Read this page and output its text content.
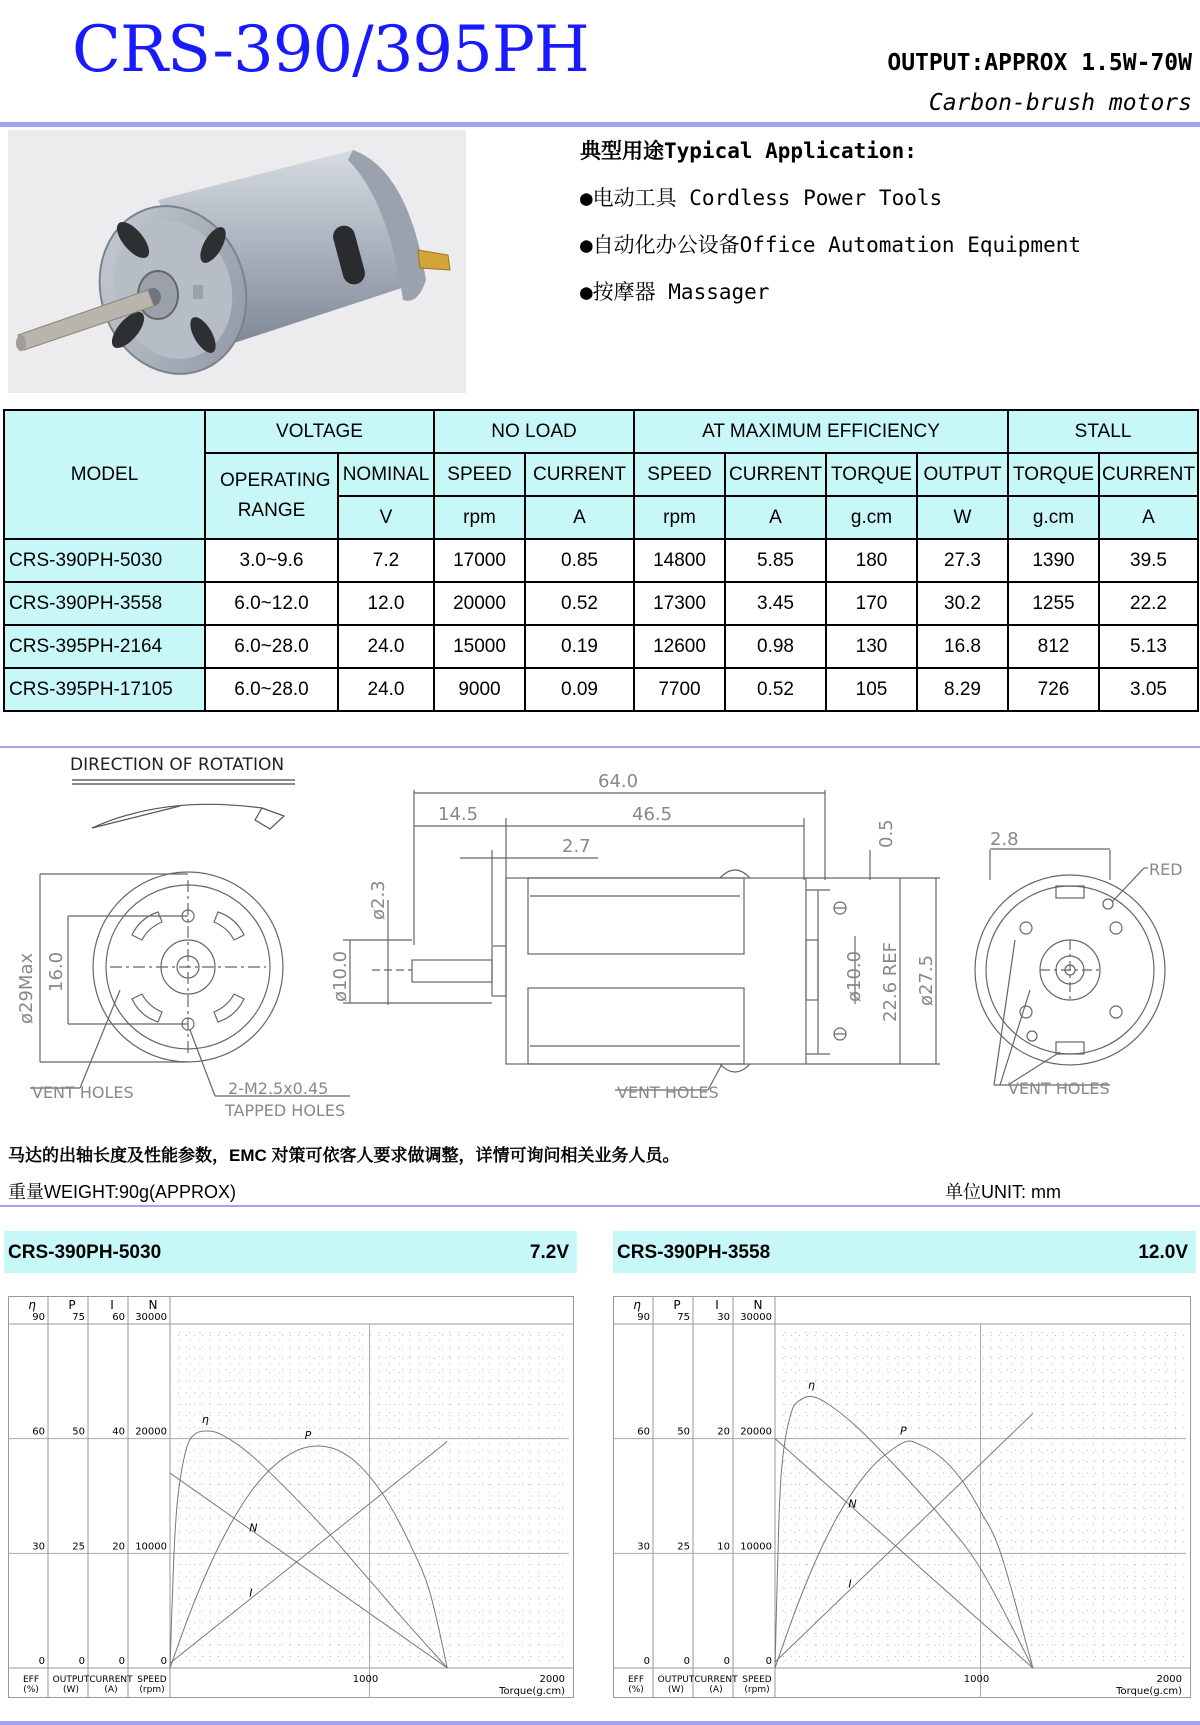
CRS-390/395PH	OUTPUT:APPROX 1.5W-70W
Carbon-brush motors
典型用途Typical Application:
●电动工具 Cordless Power Tools
●自动化办公设备Office Automation Equipment
●按摩器 Massager
MODEL	VOLTAGE		NO LOAD		AT MAXIMUM EFFICIENCY				STALL	
	OPERATING RANGE	NOMINAL	SPEED	CURRENT	SPEED	CURRENT	TORQUE	OUTPUT	TORQUE	CURRENT
		V	rpm	A	rpm	A	g.cm	W	g.cm	A
CRS-390PH-5030	3.0~9.6	7.2	17000	0.85	14800	5.85	180	27.3	1390	39.5
CRS-390PH-3558	6.0~12.0	12.0	20000	0.52	17300	3.45	170	30.2	1255	22.2
CRS-395PH-2164	6.0~28.0	24.0	15000	0.19	12600	0.98	130	16.8	812	5.13
CRS-395PH-17105	6.0~28.0	24.0	9000	0.09	7700	0.52	105	8.29	726	3.05
DIRECTION OF ROTATION
64.0
14.5	46.5
2.7	2.8
0.5
ø2.3
ø10.0	ø10.0 22.6 REF ø27.5
ø29Max 16.0
VENT HOLES	2-M2.5x0.45
TAPPED HOLES
VENT HOLES	VENT HOLES
RED
马达的出轴长度及性能参数，EMC 对策可依客人要求做调整，详情可询问相关业务人员。
重量WEIGHT:90g(APPROX)	单位UNIT: mm
CRS-390PH-5030	7.2V	CRS-390PH-3558	12.0V
η
90
60
30
0
EFF
(%)
P
75
50
25
0
OUTPUT
(W)
I
60
40
20
0
CURRENT
(A)
N
30000
20000
10000
0
SPEED
(rpm)
1000	2000
Torque(g.cm)
N
I
P
η
η
90
60
30
0
EFF
(%)
P
75
50
25
0
OUTPUT
(W)
I
30
20
10
0
CURRENT
(A)
N
30000
20000
10000
0
SPEED
(rpm)
1000	2000
Torque(g.cm)
N
I
P
η
